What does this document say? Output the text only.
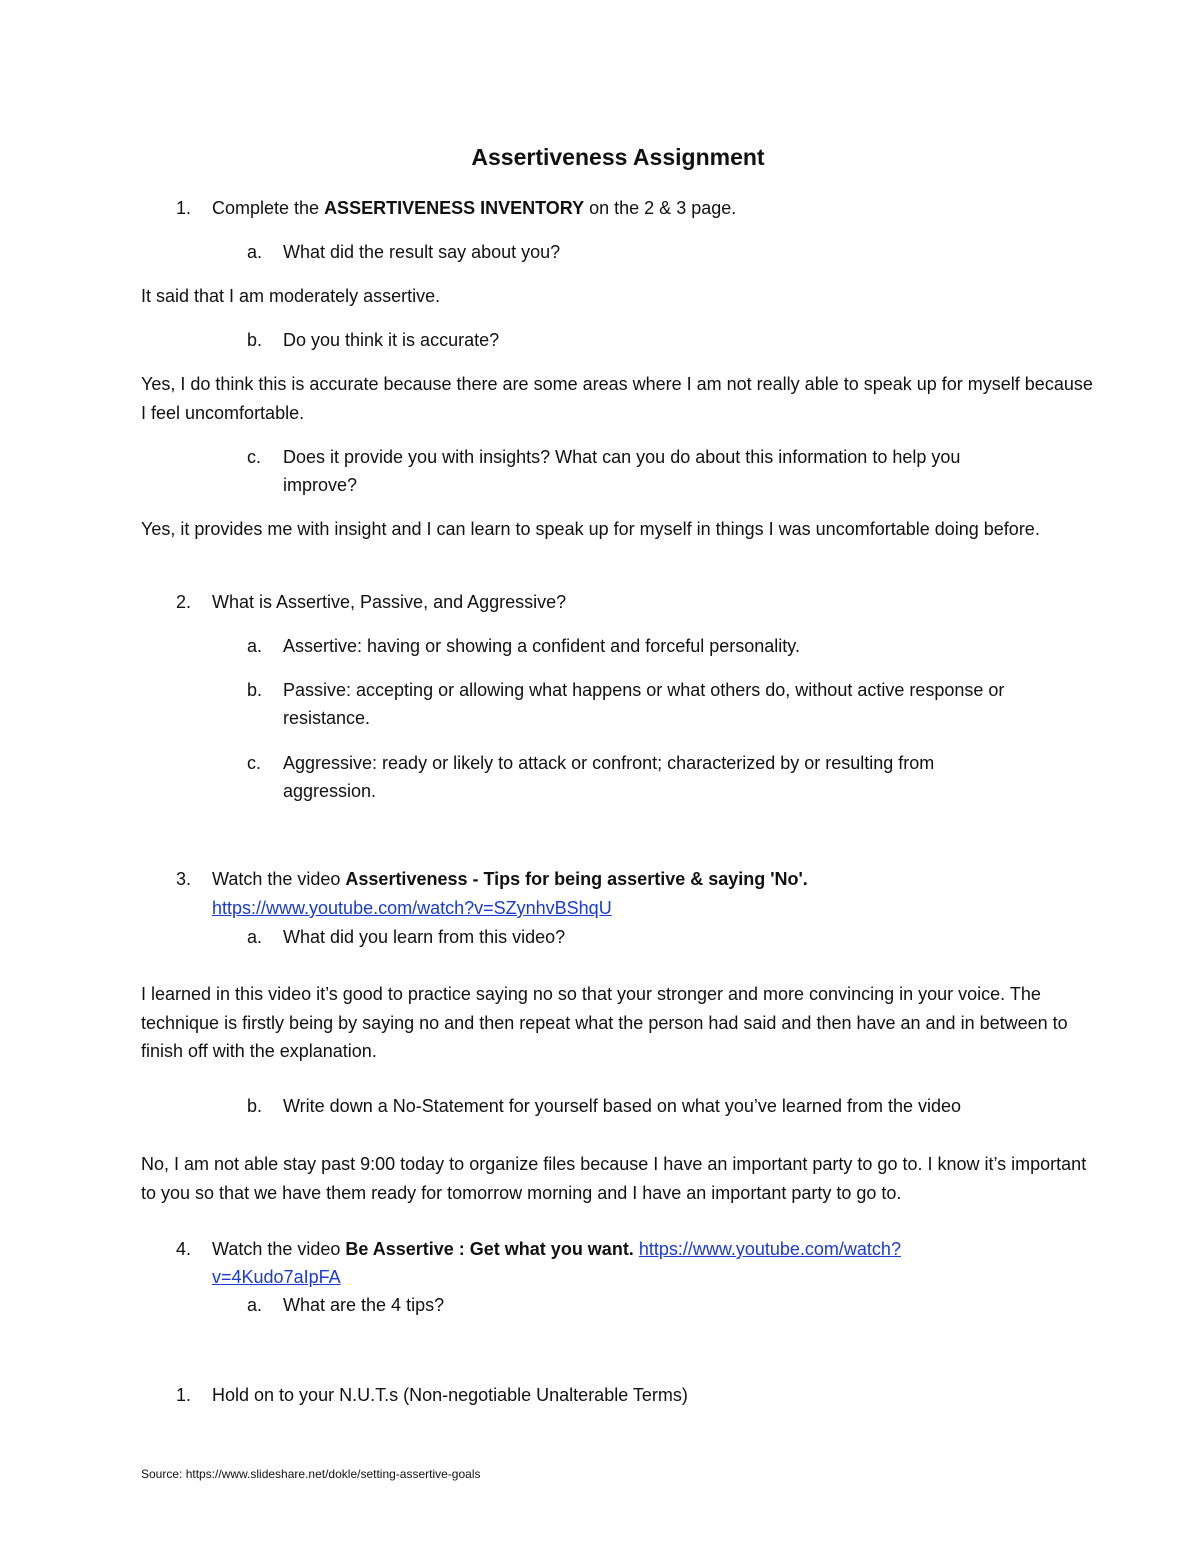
Assertiveness Assignment
1. Complete the ASSERTIVENESS INVENTORY on the 2 & 3 page.
a. What did the result say about you?
It said that I am moderately assertive.
b. Do you think it is accurate?
Yes, I do think this is accurate because there are some areas where I am not really able to speak up for myself because I feel uncomfortable.
c. Does it provide you with insights? What can you do about this information to help you
improve?
Yes, it provides me with insight and I can learn to speak up for myself in things I was uncomfortable doing before.
2. What is Assertive, Passive, and Aggressive?
a. Assertive: having or showing a confident and forceful personality.
b. Passive: accepting or allowing what happens or what others do, without active response or
resistance.
c. Aggressive: ready or likely to attack or confront; characterized by or resulting from
aggression.
3. Watch the video Assertiveness - Tips for being assertive & saying 'No'.
https://www.youtube.com/watch?v=SZynhvBShqU
a. What did you learn from this video?
I learned in this video it’s good to practice saying no so that your stronger and more convincing in your voice. The technique is firstly being by saying no and then repeat what the person had said and then have an and in between to finish off with the explanation.
b. Write down a No-Statement for yourself based on what you’ve learned from the video
No, I am not able stay past 9:00 today to organize files because I have an important party to go to. I know it’s important to you so that we have them ready for tomorrow morning and I have an important party to go to.
4. Watch the video Be Assertive : Get what you want. https://www.youtube.com/watch?
v=4Kudo7aIpFA
a. What are the 4 tips?
1. Hold on to your N.U.T.s (Non-negotiable Unalterable Terms)
Source: https://www.slideshare.net/dokle/setting-assertive-goals
